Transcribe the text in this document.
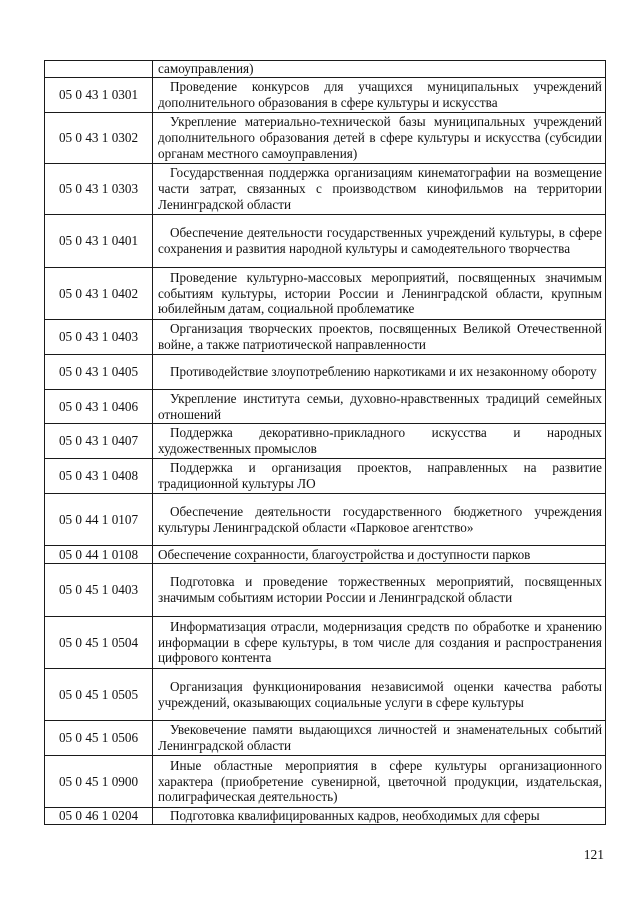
	самоуправления)
05 0 43 1 0301	Проведение конкурсов для учащихся муниципальных учреждений дополнительного образования в сфере культуры и искусства
05 0 43 1 0302	Укрепление материально-технической базы муниципальных учреждений дополнительного образования детей в сфере культуры и искусства (субсидии органам местного самоуправления)
05 0 43 1 0303	Государственная поддержка организациям кинематографии на возмещение части затрат, связанных с производством кинофильмов на территории Ленинградской области
05 0 43 1 0401	Обеспечение деятельности государственных учреждений культуры, в сфере сохранения и развития народной культуры и самодеятельного творчества
05 0 43 1 0402	Проведение культурно-массовых мероприятий, посвященных значимым событиям культуры, истории России и Ленинградской области, крупным юбилейным датам, социальной проблематике
05 0 43 1 0403	Организация творческих проектов, посвященных Великой Отечественной войне, а также патриотической направленности
05 0 43 1 0405	Противодействие злоупотреблению наркотиками и их незаконному обороту
05 0 43 1 0406	Укрепление института семьи, духовно-нравственных традиций семейных отношений
05 0 43 1 0407	Поддержка декоративно-прикладного искусства и народных художественных промыслов
05 0 43 1 0408	Поддержка и организация проектов, направленных на развитие традиционной культуры ЛО
05 0 44 1 0107	Обеспечение деятельности государственного бюджетного учреждения культуры Ленинградской области «Парковое агентство»
05 0 44 1 0108	Обеспечение сохранности, благоустройства и доступности парков
05 0 45 1 0403	Подготовка и проведение торжественных мероприятий, посвященных значимым событиям истории России и Ленинградской области
05 0 45 1 0504	Информатизация отрасли, модернизация средств по обработке и хранению информации в сфере культуры, в том числе для создания и распространения цифрового контента
05 0 45 1 0505	Организация функционирования независимой оценки качества работы учреждений, оказывающих социальные услуги в сфере культуры
05 0 45 1 0506	Увековечение памяти выдающихся личностей и знаменательных событий Ленинградской области
05 0 45 1 0900	Иные областные мероприятия в сфере культуры организационного характера (приобретение сувенирной, цветочной продукции, издательская, полиграфическая деятельность)
05 0 46 1 0204	Подготовка квалифицированных кадров, необходимых для сферы
121
